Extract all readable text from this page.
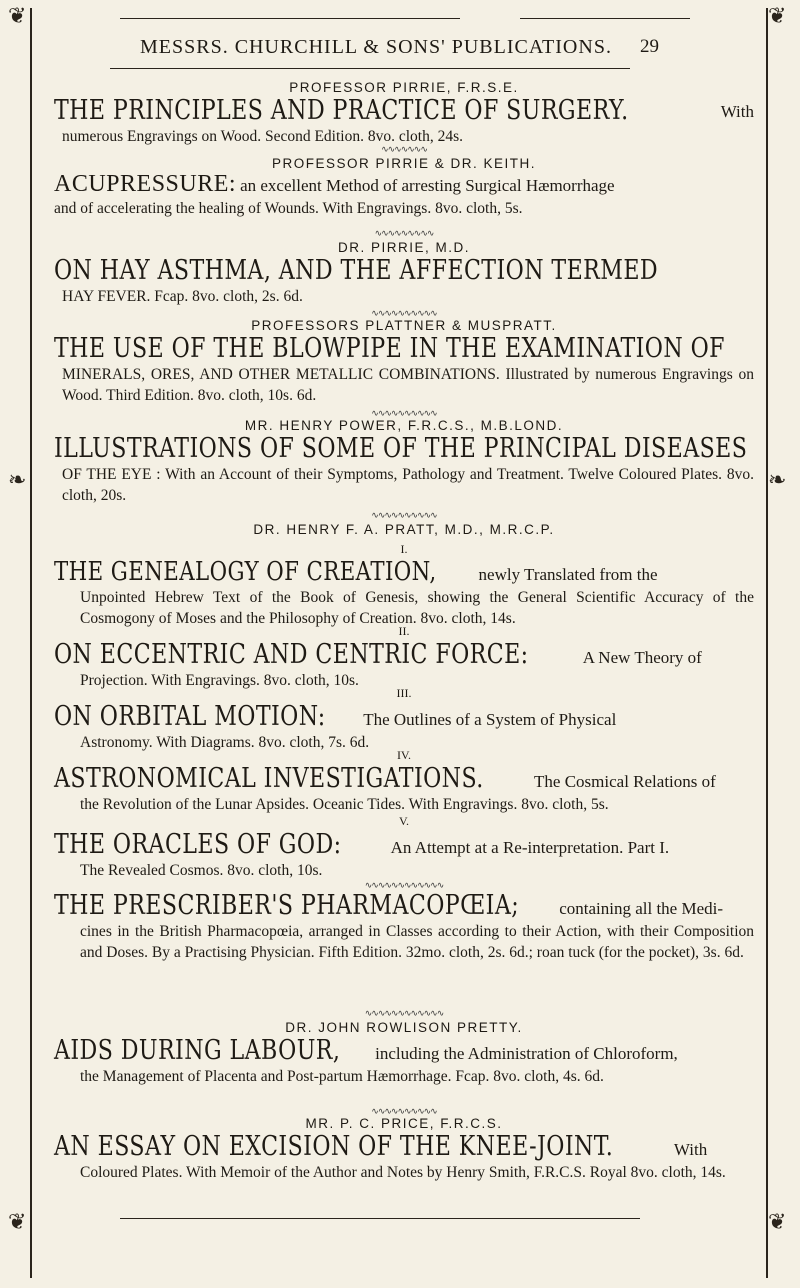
❦	❦
❦	❦
❧	❧
MESSRS. CHURCHILL & SONS' PUBLICATIONS.	29
PROFESSOR PIRRIE, F.R.S.E.
THE PRINCIPLES AND PRACTICE OF SURGERY.	With
numerous Engravings on Wood. Second Edition. 8vo. cloth, 24s.
∿∿∿∿∿∿∿
PROFESSOR PIRRIE & DR. KEITH.
ACUPRESSURE: an excellent Method of arresting Surgical Hæmorrhage
and of accelerating the healing of Wounds. With Engravings. 8vo. cloth, 5s.
∿∿∿∿∿∿∿∿∿
DR. PIRRIE, M.D.
ON HAY ASTHMA, AND THE AFFECTION TERMED
HAY FEVER. Fcap. 8vo. cloth, 2s. 6d.
∿∿∿∿∿∿∿∿∿∿
PROFESSORS PLATTNER & MUSPRATT.
THE USE OF THE BLOWPIPE IN THE EXAMINATION OF
MINERALS, ORES, AND OTHER METALLIC COMBINATIONS. Illustrated by numerous Engravings on Wood. Third Edition. 8vo. cloth, 10s. 6d.
∿∿∿∿∿∿∿∿∿∿
MR. HENRY POWER, F.R.C.S., M.B.LOND.
ILLUSTRATIONS OF SOME OF THE PRINCIPAL DISEASES
OF THE EYE : With an Account of their Symptoms, Pathology and Treatment. Twelve Coloured Plates. 8vo. cloth, 20s.
∿∿∿∿∿∿∿∿∿∿
DR. HENRY F. A. PRATT, M.D., M.R.C.P.
I.
THE GENEALOGY OF CREATION, newly Translated from the
Unpointed Hebrew Text of the Book of Genesis, showing the General Scientific Accuracy of the Cosmogony of Moses and the Philosophy of Creation. 8vo. cloth, 14s.
II.
ON ECCENTRIC AND CENTRIC FORCE:	A New Theory of
Projection. With Engravings. 8vo. cloth, 10s.
III.
ON ORBITAL MOTION: The Outlines of a System of Physical
Astronomy. With Diagrams. 8vo. cloth, 7s. 6d.
IV.
ASTRONOMICAL INVESTIGATIONS.	The Cosmical Relations of
the Revolution of the Lunar Apsides. Oceanic Tides. With Engravings. 8vo. cloth, 5s.
V.
THE ORACLES OF GOD:	An Attempt at a Re-interpretation. Part I.
The Revealed Cosmos. 8vo. cloth, 10s.
∿∿∿∿∿∿∿∿∿∿∿∿
THE PRESCRIBER'S PHARMACOPŒIA; containing all the Medi-
cines in the British Pharmacopœia, arranged in Classes according to their Action, with their Composition and Doses. By a Practising Physician. Fifth Edition. 32mo. cloth, 2s. 6d.; roan tuck (for the pocket), 3s. 6d.
∿∿∿∿∿∿∿∿∿∿∿∿
DR. JOHN ROWLISON PRETTY.
AIDS DURING LABOUR, including the Administration of Chloroform,
the Management of Placenta and Post-partum Hæmorrhage. Fcap. 8vo. cloth, 4s. 6d.
∿∿∿∿∿∿∿∿∿∿
MR. P. C. PRICE, F.R.C.S.
AN ESSAY ON EXCISION OF THE KNEE-JOINT.	With
Coloured Plates. With Memoir of the Author and Notes by Henry Smith, F.R.C.S. Royal 8vo. cloth, 14s.
